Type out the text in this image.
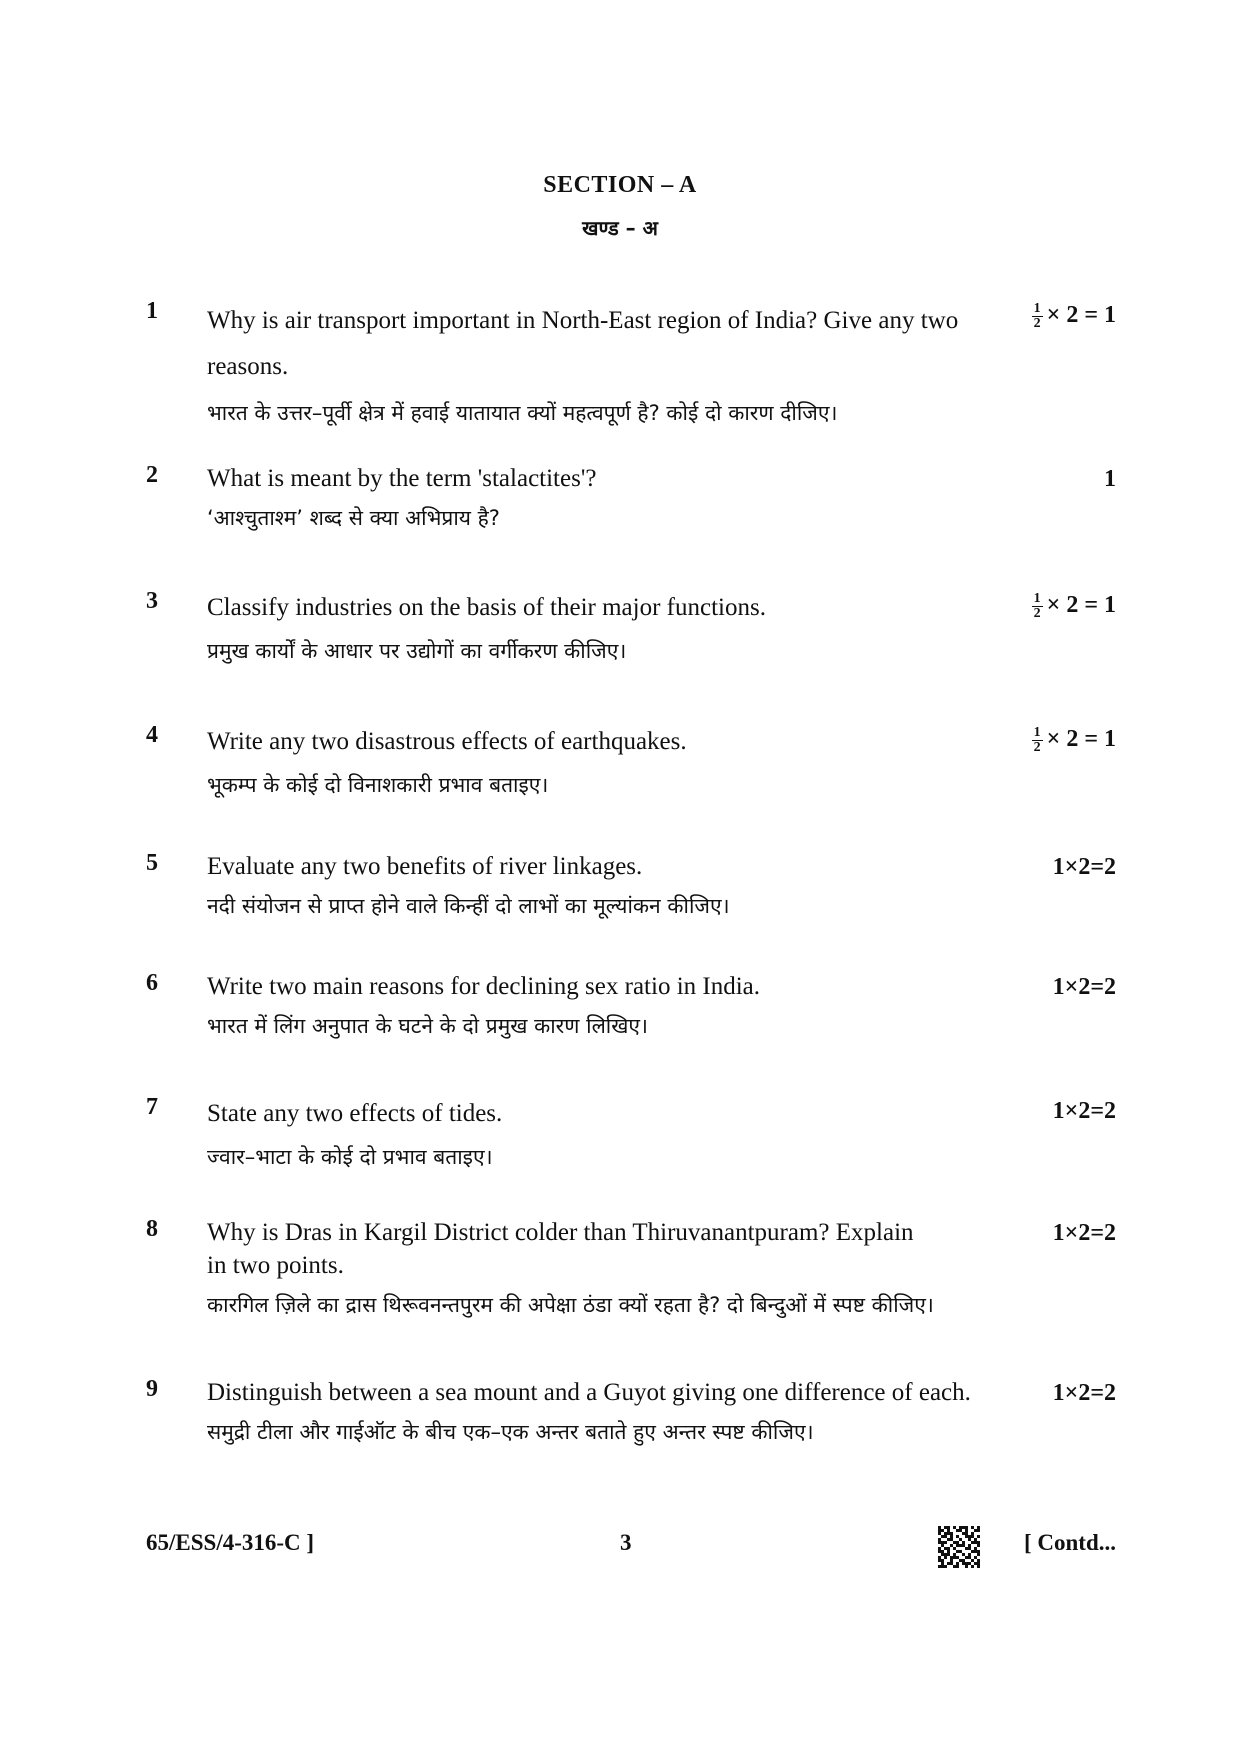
SECTION – A
खण्ड – अ
1 Why is air transport important in North-East region of India? Give any two reasons.
भारत के उत्तर–पूर्वी क्षेत्र में हवाई यातायात क्यों महत्वपूर्ण है? कोई दो कारण दीजिए।
$\frac{1}{2} \times 2 = 1$
2 What is meant by the term 'stalactites'?
‘आश्चुताश्म’ शब्द से क्या अभिप्राय है?
1
3 Classify industries on the basis of their major functions.
प्रमुख कार्यों के आधार पर उद्योगों का वर्गीकरण कीजिए।
$\frac{1}{2} \times 2 = 1$
4 Write any two disastrous effects of earthquakes.
भूकम्प के कोई दो विनाशकारी प्रभाव बताइए।
$\frac{1}{2} \times 2 = 1$
5 Evaluate any two benefits of river linkages.
नदी संयोजन से प्राप्त होने वाले किन्हीं दो लाभों का मूल्यांकन कीजिए।
1×2=2
6 Write two main reasons for declining sex ratio in India.
भारत में लिंग अनुपात के घटने के दो प्रमुख कारण लिखिए।
1×2=2
7 State any two effects of tides.
ज्वार–भाटा के कोई दो प्रभाव बताइए।
1×2=2
8 Why is Dras in Kargil District colder than Thiruvanantpuram? Explain in two points.
कारगिल ज़िले का द्रास थिरूवनन्तपुरम की अपेक्षा ठंडा क्यों रहता है? दो बिन्दुओं में स्पष्ट कीजिए।
1×2=2
9 Distinguish between a sea mount and a Guyot giving one difference of each.
समुद्री टीला और गाईऑट के बीच एक–एक अन्तर बताते हुए अन्तर स्पष्ट कीजिए।
1×2=2
65/ESS/4-316-C ]	3	[ Contd...
